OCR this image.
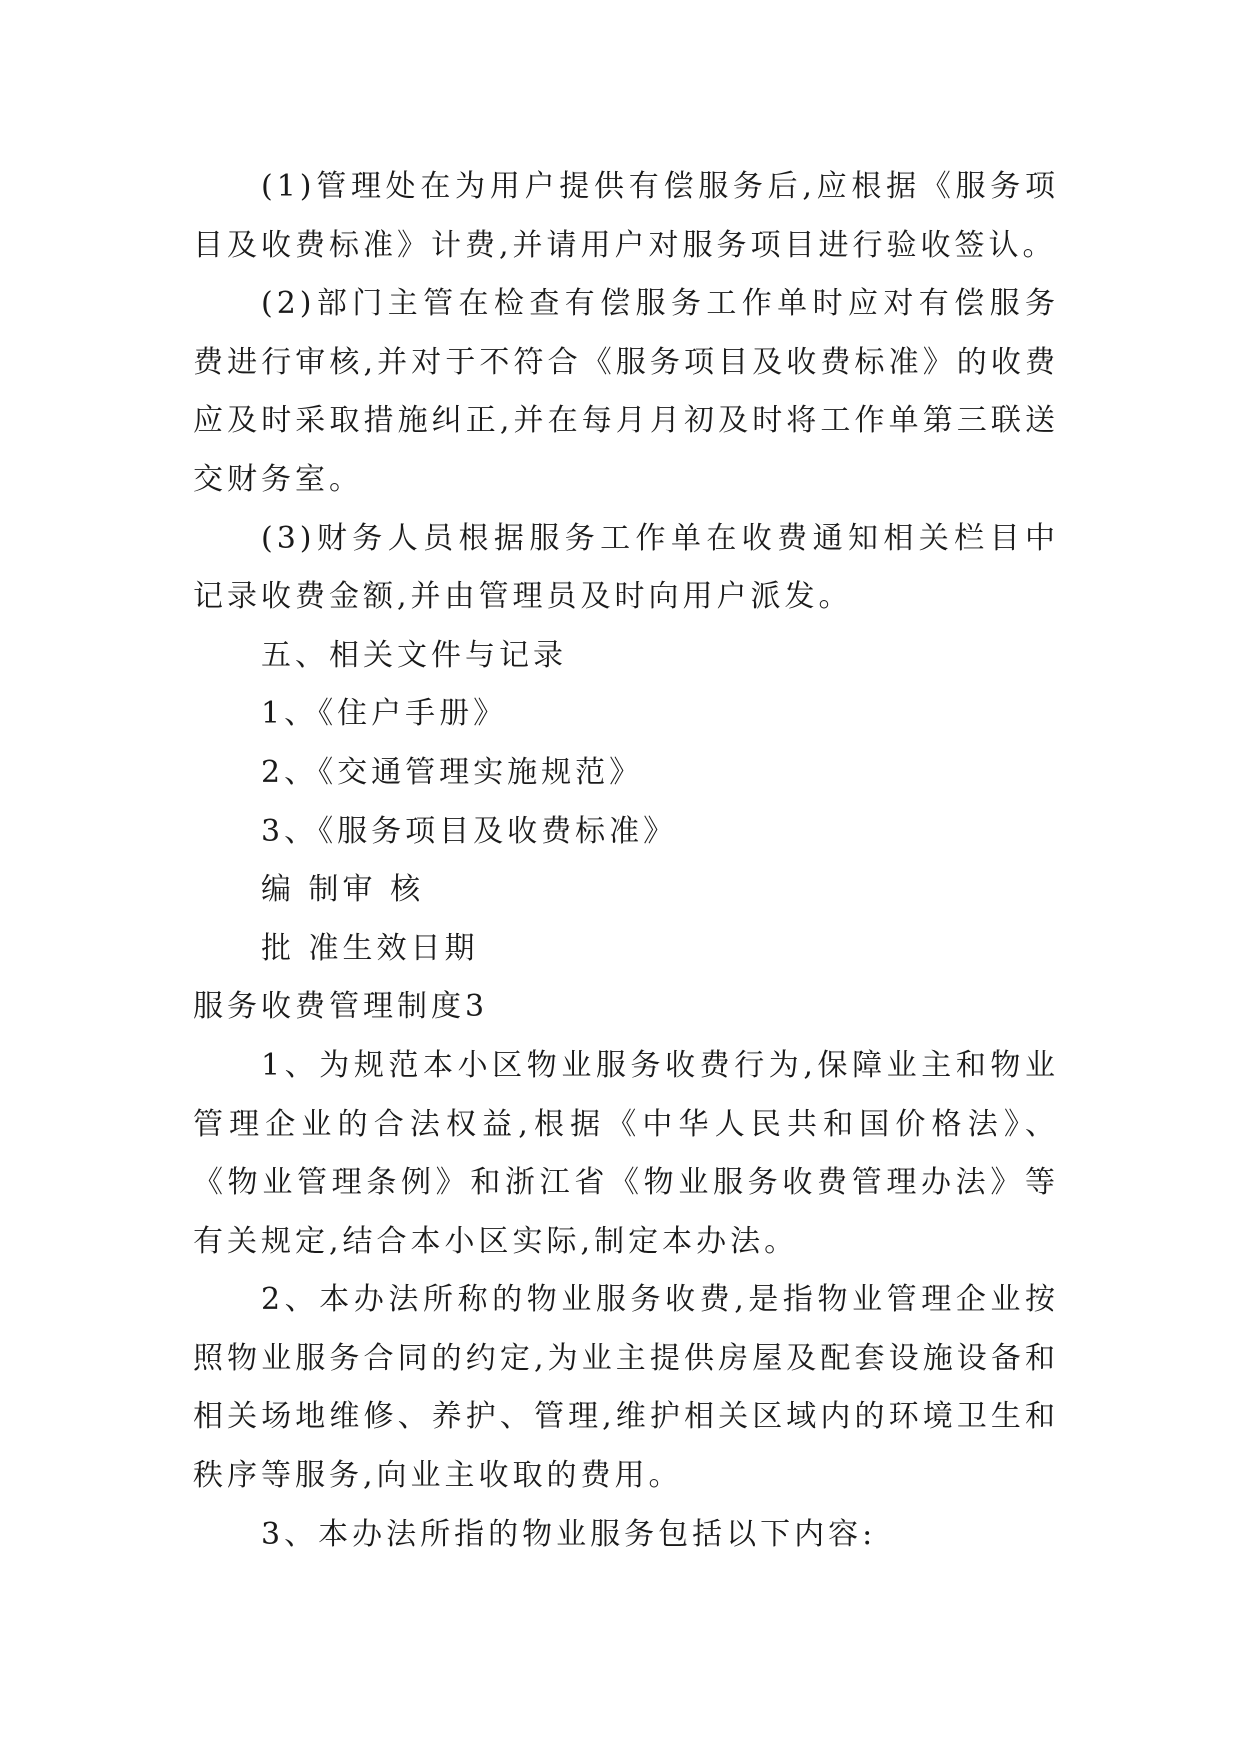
(1)管理处在为用户提供有偿服务后,应根据《服务项目及收费标准》计费,并请用户对服务项目进行验收签认。

(2)部门主管在检查有偿服务工作单时应对有偿服务费进行审核,并对于不符合《服务项目及收费标准》的收费应及时采取措施纠正,并在每月月初及时将工作单第三联送交财务室。

(3)财务人员根据服务工作单在收费通知相关栏目中记录收费金额,并由管理员及时向用户派发。

五、相关文件与记录

1、《住户手册》

2、《交通管理实施规范》

3、《服务项目及收费标准》

编 制审 核

批 准生效日期

服务收费管理制度3

1、为规范本小区物业服务收费行为,保障业主和物业管理企业的合法权益,根据《中华人民共和国价格法》、《物业管理条例》和浙江省《物业服务收费管理办法》等有关规定,结合本小区实际,制定本办法。

2、本办法所称的物业服务收费,是指物业管理企业按照物业服务合同的约定,为业主提供房屋及配套设施设备和相关场地维修、养护、管理,维护相关区域内的环境卫生和秩序等服务,向业主收取的费用。

3、本办法所指的物业服务包括以下内容:
